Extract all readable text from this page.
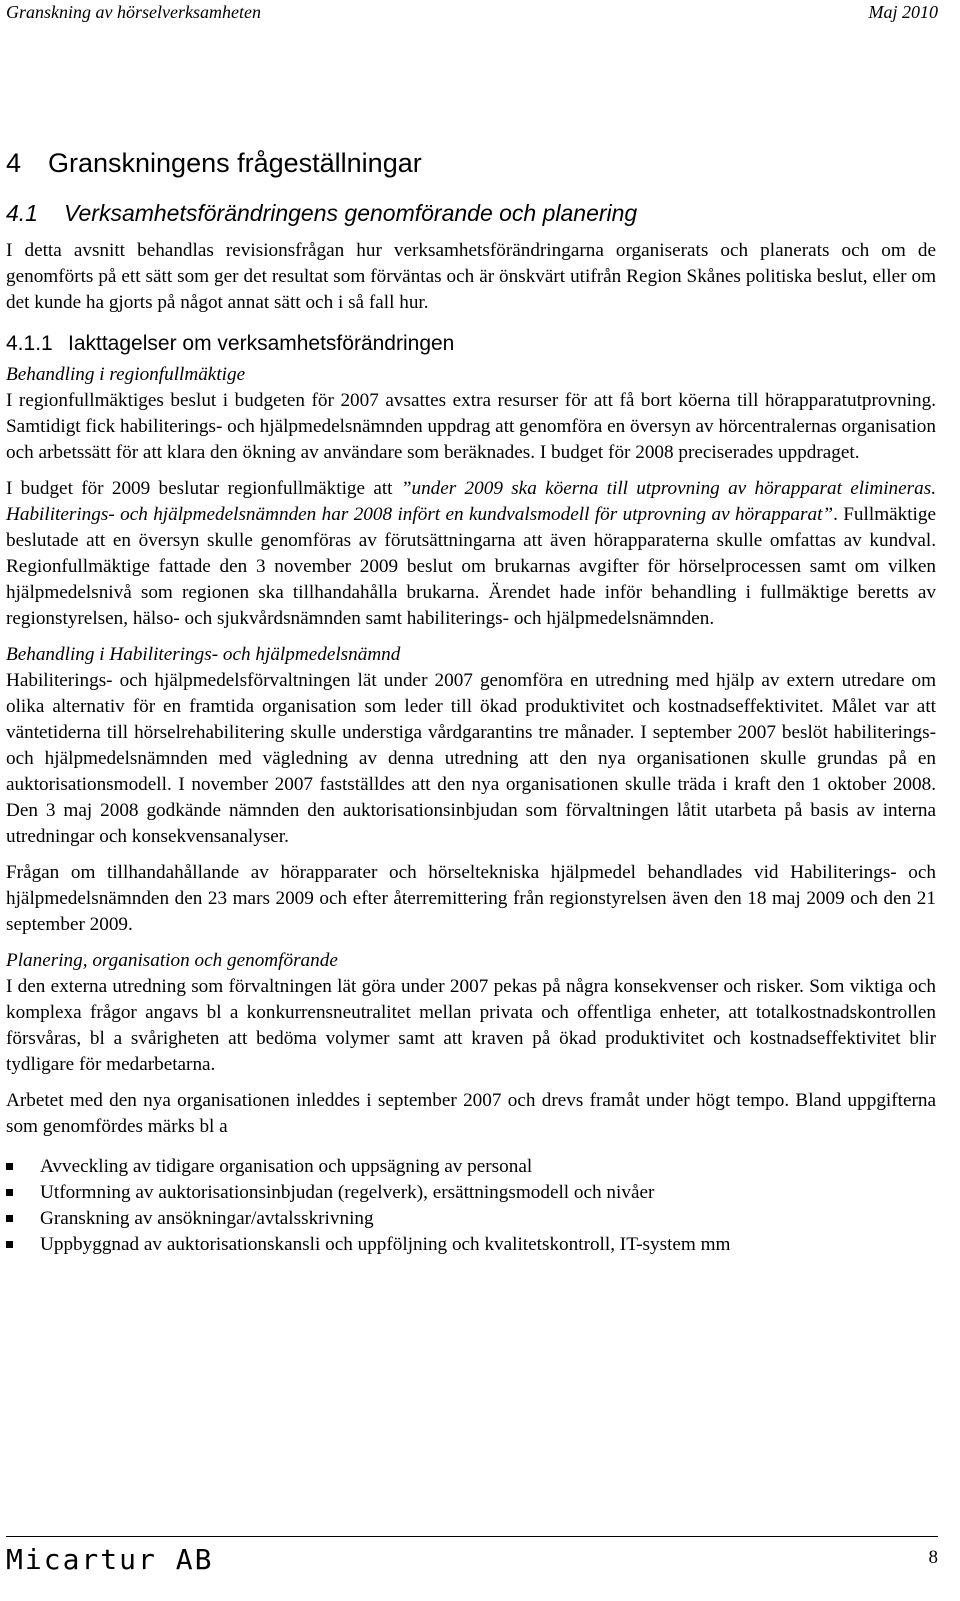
Granskning av hörselverksamheten	Maj 2010
4 Granskningens frågeställningar
4.1 Verksamhetsförändringens genomförande och planering

I detta avsnitt behandlas revisionsfrågan hur verksamhetsförändringarna organiserats och planerats och om de genomförts på ett sätt som ger det resultat som förväntas och är önskvärt utifrån Region Skånes politiska beslut, eller om det kunde ha gjorts på något annat sätt och i så fall hur.

4.1.1 Iakttagelser om verksamhetsförändringen

Behandling i regionfullmäktige

I regionfullmäktiges beslut i budgeten för 2007 avsattes extra resurser för att få bort köerna till hörapparatutprovning. Samtidigt fick habiliterings- och hjälpmedelsnämnden uppdrag att genomföra en översyn av hörcentralernas organisation och arbetssätt för att klara den ökning av användare som beräknades. I budget för 2008 preciserades uppdraget.

I budget för 2009 beslutar regionfullmäktige att ”under 2009 ska köerna till utprovning av hörapparat elimineras. Habiliterings- och hjälpmedelsnämnden har 2008 infört en kundvalsmodell för utprovning av hörapparat”. Fullmäktige beslutade att en översyn skulle genomföras av förutsättningarna att även hörapparaterna skulle omfattas av kundval. Regionfullmäktige fattade den 3 november 2009 beslut om brukarnas avgifter för hörselprocessen samt om vilken hjälpmedelsnivå som regionen ska tillhandahålla brukarna. Ärendet hade inför behandling i fullmäktige beretts av regionstyrelsen, hälso- och sjukvårdsnämnden samt habiliterings- och hjälpmedelsnämnden.

Behandling i Habiliterings- och hjälpmedelsnämnd

Habiliterings- och hjälpmedelsförvaltningen lät under 2007 genomföra en utredning med hjälp av extern utredare om olika alternativ för en framtida organisation som leder till ökad produktivitet och kostnadseffektivitet. Målet var att väntetiderna till hörselrehabilitering skulle understiga vårdgarantins tre månader. I september 2007 beslöt habiliterings- och hjälpmedelsnämnden med vägledning av denna utredning att den nya organisationen skulle grundas på en auktorisationsmodell. I november 2007 fastställdes att den nya organisationen skulle träda i kraft den 1 oktober 2008. Den 3 maj 2008 godkände nämnden den auktorisationsinbjudan som förvaltningen låtit utarbeta på basis av interna utredningar och konsekvensanalyser.

Frågan om tillhandahållande av hörapparater och hörseltekniska hjälpmedel behandlades vid Habiliterings- och hjälpmedelsnämnden den 23 mars 2009 och efter återremittering från regionstyrelsen även den 18 maj 2009 och den 21 september 2009.

Planering, organisation och genomförande

I den externa utredning som förvaltningen lät göra under 2007 pekas på några konsekvenser och risker. Som viktiga och komplexa frågor angavs bl a konkurrensneutralitet mellan privata och offentliga enheter, att totalkostnadskontrollen försvåras, bl a svårigheten att bedöma volymer samt att kraven på ökad produktivitet och kostnadseffektivitet blir tydligare för medarbetarna.

Arbetet med den nya organisationen inleddes i september 2007 och drevs framåt under högt tempo. Bland uppgifterna som genomfördes märks bl a

Avveckling av tidigare organisation och uppsägning av personal
Utformning av auktorisationsinbjudan (regelverk), ersättningsmodell och nivåer
Granskning av ansökningar/avtalsskrivning
Uppbyggnad av auktorisationskansli och uppföljning och kvalitetskontroll, IT-system mm
Micartur AB	8
